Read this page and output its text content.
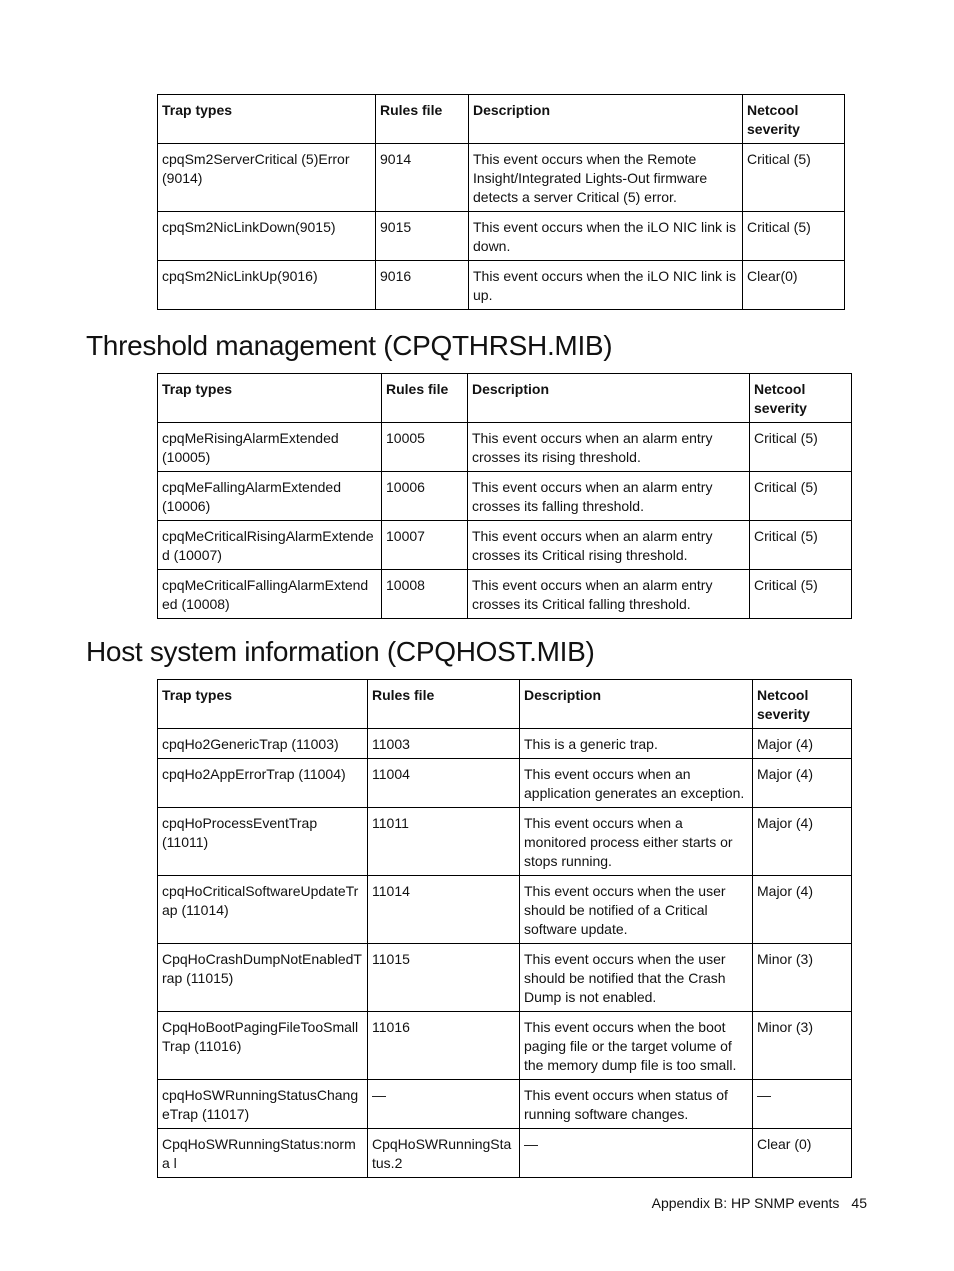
Trap types	Rules file	Description	Netcool severity
cpqSm2ServerCritical (5)Error (9014)	9014	This event occurs when the Remote Insight/Integrated Lights-Out firmware detects a server Critical (5) error.	Critical (5)
cpqSm2NicLinkDown(9015)	9015	This event occurs when the iLO NIC link is down.	Critical (5)
cpqSm2NicLinkUp(9016)	9016	This event occurs when the iLO NIC link is up.	Clear(0)
Threshold management (CPQTHRSH.MIB)
Trap types	Rules file	Description	Netcool severity
cpqMeRisingAlarmExtended (10005)	10005	This event occurs when an alarm entry crosses its rising threshold.	Critical (5)
cpqMeFallingAlarmExtended (10006)	10006	This event occurs when an alarm entry crosses its falling threshold.	Critical (5)
cpqMeCriticalRisingAlarmExtende d (10007)	10007	This event occurs when an alarm entry crosses its Critical rising threshold.	Critical (5)
cpqMeCriticalFallingAlarmExtend ed (10008)	10008	This event occurs when an alarm entry crosses its Critical falling threshold.	Critical (5)
Host system information (CPQHOST.MIB)
Trap types	Rules file	Description	Netcool severity
cpqHo2GenericTrap (11003)	11003	This is a generic trap.	Major (4)
cpqHo2AppErrorTrap (11004)	11004	This event occurs when an application generates an exception.	Major (4)
cpqHoProcessEventTrap (11011)	11011	This event occurs when a monitored process either starts or stops running.	Major (4)
cpqHoCriticalSoftwareUpdateTr ap (11014)	11014	This event occurs when the user should be notified of a Critical software update.	Major (4)
CpqHoCrashDumpNotEnabledT rap (11015)	11015	This event occurs when the user should be notified that the Crash Dump is not enabled.	Minor (3)
CpqHoBootPagingFileTooSmall Trap (11016)	11016	This event occurs when the boot paging file or the target volume of the memory dump file is too small.	Minor (3)
cpqHoSWRunningStatusChang eTrap (11017)	—	This event occurs when status of running software changes.	—
CpqHoSWRunningStatus:norma l	CpqHoSWRunningSta tus.2	—	Clear (0)
Appendix B: HP SNMP events 45
